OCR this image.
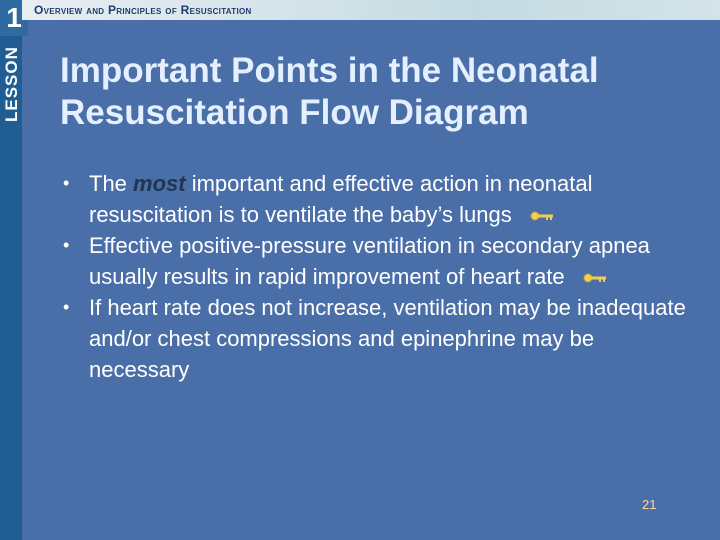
1
LESSON
Overview and Principles of Resuscitation
Important Points in the Neonatal Resuscitation Flow Diagram
• The most important and effective action in neonatal resuscitation is to ventilate the baby’s lungs
• Effective positive-pressure ventilation in secondary apnea usually results in rapid improvement of heart rate
• If heart rate does not increase, ventilation may be inadequate and/or chest compressions and epinephrine may be necessary
21
